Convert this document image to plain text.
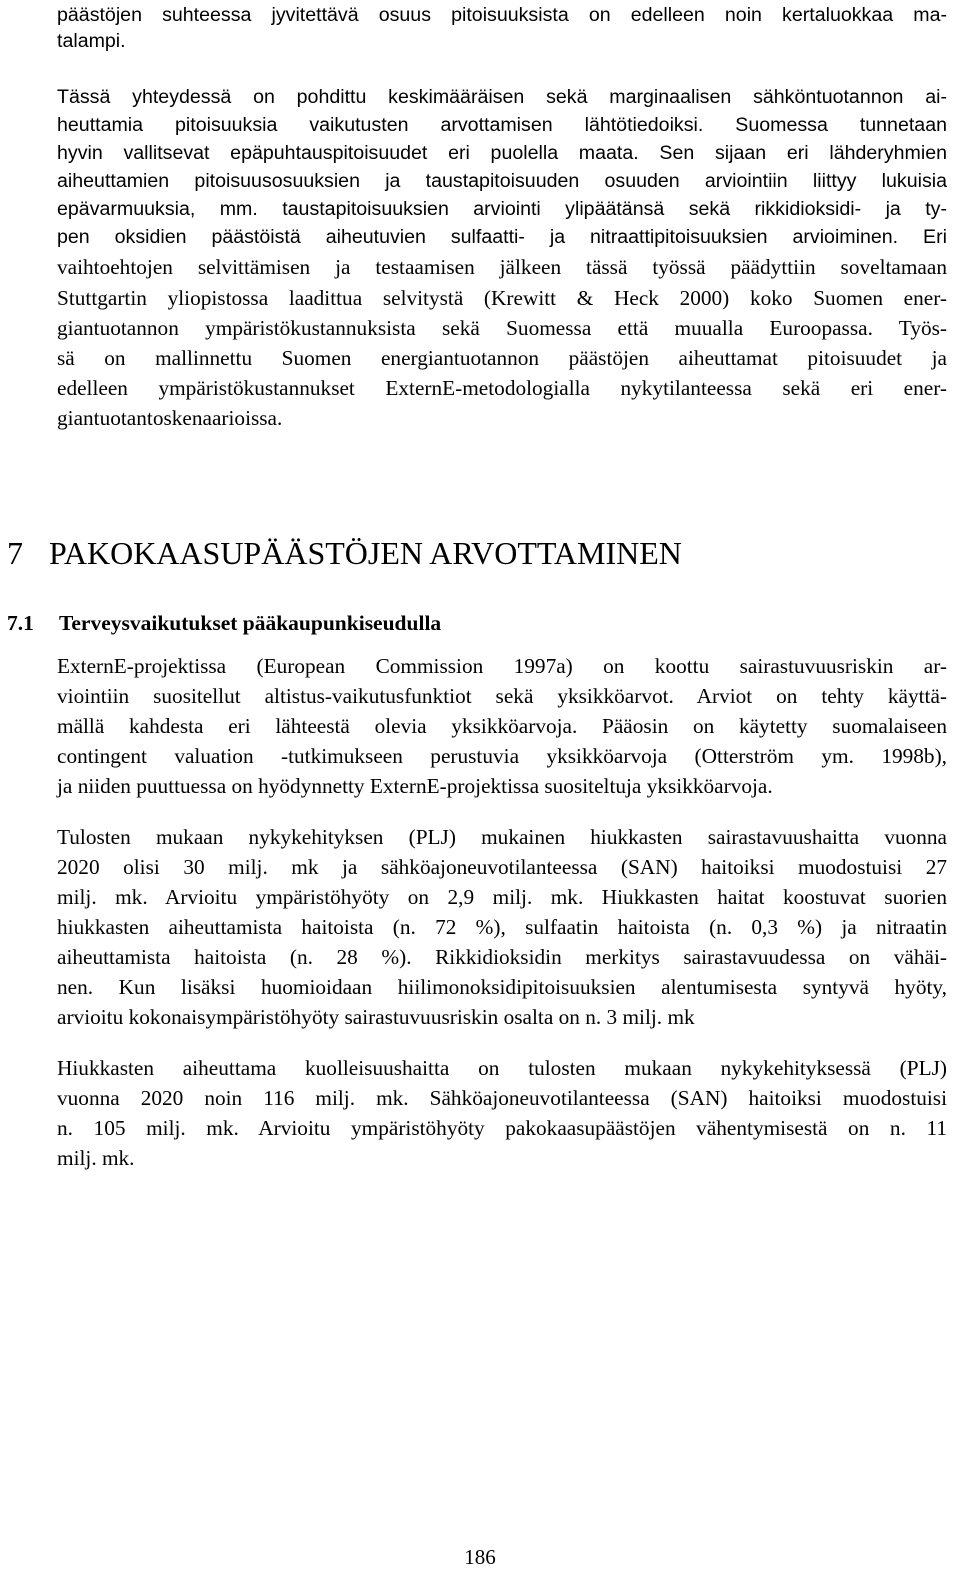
päästöjen suhteessa jyvitettävä osuus pitoisuuksista on edelleen noin kertaluokkaa ma-
talampi.
Tässä yhteydessä on pohdittu keskimääräisen sekä marginaalisen sähköntuotannon ai-
heuttamia pitoisuuksia vaikutusten arvottamisen lähtötiedoiksi. Suomessa tunnetaan
hyvin vallitsevat epäpuhtauspitoisuudet eri puolella maata. Sen sijaan eri lähderyhmien
aiheuttamien pitoisuusosuuksien ja taustapitoisuuden osuuden arviointiin liittyy lukuisia
epävarmuuksia, mm. taustapitoisuuksien arviointi ylipäätänsä sekä rikkidioksidi- ja ty-
pen oksidien päästöistä aiheutuvien sulfaatti- ja nitraattipitoisuuksien arvioiminen. Eri
vaihtoehtojen selvittämisen ja testaamisen jälkeen tässä työssä päädyttiin soveltamaan
Stuttgartin yliopistossa laadittua selvitystä (Krewitt & Heck 2000) koko Suomen ener-
giantuotannon ympäristökustannuksista sekä Suomessa että muualla Euroopassa. Työs-
sä on mallinnettu Suomen energiantuotannon päästöjen aiheuttamat pitoisuudet ja
edelleen ympäristökustannukset ExternE-metodologialla nykytilanteessa sekä eri ener-
giantuotantoskenaarioissa.
7 PAKOKAASUPÄÄSTÖJEN ARVOTTAMINEN
7.1 Terveysvaikutukset pääkaupunkiseudulla
ExternE-projektissa (European Commission 1997a) on koottu sairastuvuusriskin ar-
viointiin suositellut altistus-vaikutusfunktiot sekä yksikköarvot. Arviot on tehty käyttä-
mällä kahdesta eri lähteestä olevia yksikköarvoja. Pääosin on käytetty suomalaiseen
contingent valuation -tutkimukseen perustuvia yksikköarvoja (Otterström ym. 1998b),
ja niiden puuttuessa on hyödynnetty ExternE-projektissa suositeltuja yksikköarvoja.
Tulosten mukaan nykykehityksen (PLJ) mukainen hiukkasten sairastavuushaitta vuonna
2020 olisi 30 milj. mk ja sähköajoneuvotilanteessa (SAN) haitoiksi muodostuisi 27
milj. mk. Arvioitu ympäristöhyöty on 2,9 milj. mk. Hiukkasten haitat koostuvat suorien
hiukkasten aiheuttamista haitoista (n. 72 %), sulfaatin haitoista (n. 0,3 %) ja nitraatin
aiheuttamista haitoista (n. 28 %). Rikkidioksidin merkitys sairastavuudessa on vähäi-
nen. Kun lisäksi huomioidaan hiilimonoksidipitoisuuksien alentumisesta syntyvä hyöty,
arvioitu kokonaisympäristöhyöty sairastuvuusriskin osalta on n. 3 milj. mk
Hiukkasten aiheuttama kuolleisuushaitta on tulosten mukaan nykykehityksessä (PLJ)
vuonna 2020 noin 116 milj. mk. Sähköajoneuvotilanteessa (SAN) haitoiksi muodostuisi
n. 105 milj. mk. Arvioitu ympäristöhyöty pakokaasupäästöjen vähentymisestä on n. 11
milj. mk.
186
